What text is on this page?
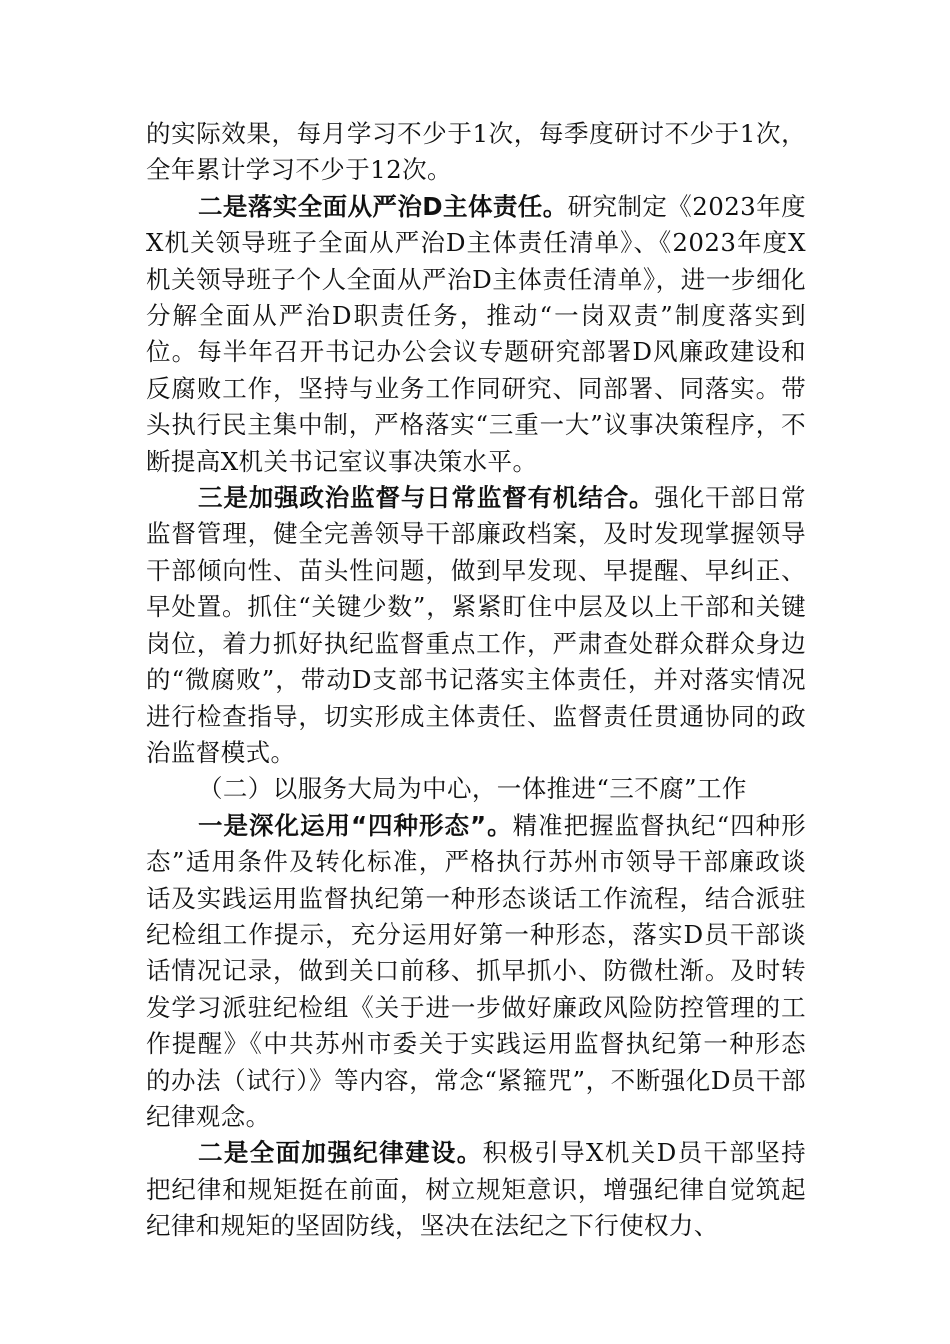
的实际效果，每月学习不少于1次，每季度研讨不少于1次，全年累计学习不少于12次。

二是落实全面从严治D主体责任。研究制定《2023年度X机关领导班子全面从严治D主体责任清单》、《2023年度X机关领导班子个人全面从严治D主体责任清单》，进一步细化分解全面从严治D职责任务，推动“一岗双责”制度落实到位。每半年召开书记办公会议专题研究部署D风廉政建设和反腐败工作，坚持与业务工作同研究、同部署、同落实。带头执行民主集中制，严格落实“三重一大”议事决策程序，不断提高X机关书记室议事决策水平。

三是加强政治监督与日常监督有机结合。强化干部日常监督管理，健全完善领导干部廉政档案，及时发现掌握领导干部倾向性、苗头性问题，做到早发现、早提醒、早纠正、早处置。抓住“关键少数”，紧紧盯住中层及以上干部和关键岗位，着力抓好执纪监督重点工作，严肃查处群众群众身边的“微腐败”，带动D支部书记落实主体责任，并对落实情况进行检查指导，切实形成主体责任、监督责任贯通协同的政治监督模式。

（二）以服务大局为中心，一体推进“三不腐”工作

一是深化运用“四种形态”。精准把握监督执纪“四种形态”适用条件及转化标准，严格执行苏州市领导干部廉政谈话及实践运用监督执纪第一种形态谈话工作流程，结合派驻纪检组工作提示，充分运用好第一种形态，落实D员干部谈话情况记录，做到关口前移、抓早抓小、防微杜渐。及时转发学习派驻纪检组《关于进一步做好廉政风险防控管理的工作提醒》《中共苏州市委关于实践运用监督执纪第一种形态的办法（试行）》等内容，常念“紧箍咒”，不断强化D员干部纪律观念。

二是全面加强纪律建设。积极引导X机关D员干部坚持把纪律和规矩挺在前面，树立规矩意识，增强纪律自觉筑起纪律和规矩的坚固防线，坚决在法纪之下行使权力、
